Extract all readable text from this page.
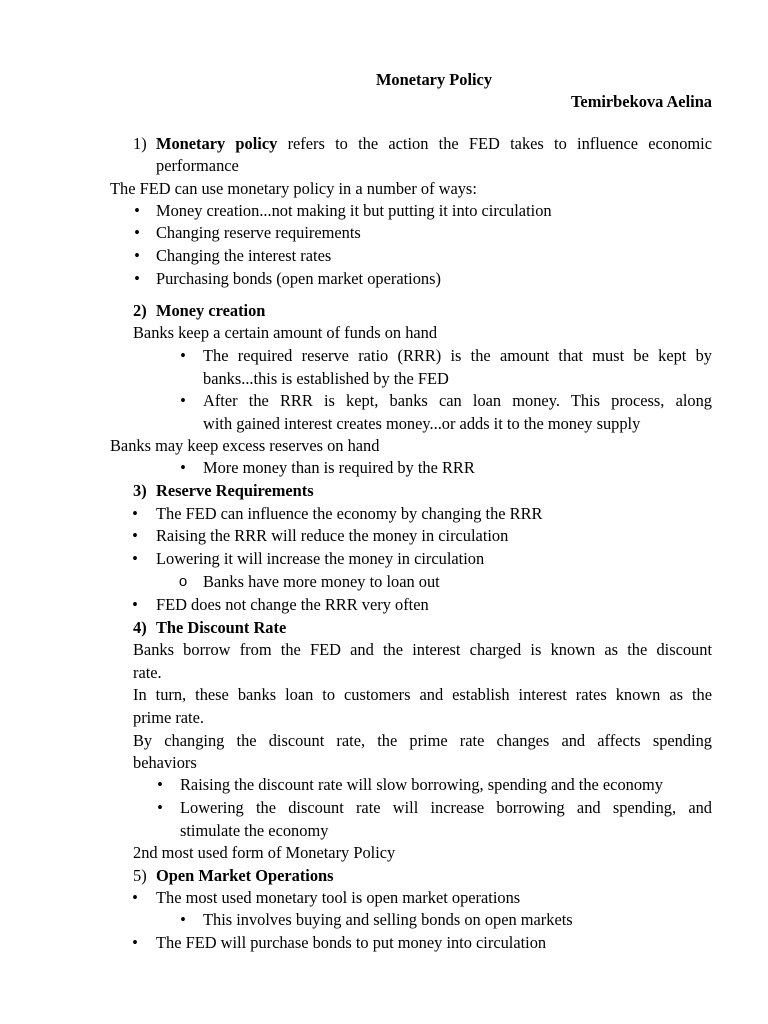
Monetary Policy
Temirbekova Aelina
1) Monetary policy refers to the action the FED takes to influence economic
performance
The FED can use monetary policy in a number of ways:
• Money creation...not making it but putting it into circulation
• Changing reserve requirements
• Changing the interest rates
• Purchasing bonds (open market operations)
2) Money creation
Banks keep a certain amount of funds on hand
• The required reserve ratio (RRR) is the amount that must be kept by
banks...this is established by the FED
• After the RRR is kept, banks can loan money. This process, along
with gained interest creates money...or adds it to the money supply
Banks may keep excess reserves on hand
• More money than is required by the RRR
3) Reserve Requirements
• The FED can influence the economy by changing the RRR
• Raising the RRR will reduce the money in circulation
• Lowering it will increase the money in circulation
o Banks have more money to loan out
• FED does not change the RRR very often
4) The Discount Rate
Banks borrow from the FED and the interest charged is known as the discount
rate.
In turn, these banks loan to customers and establish interest rates known as the
prime rate.
By changing the discount rate, the prime rate changes and affects spending
behaviors
• Raising the discount rate will slow borrowing, spending and the economy
• Lowering the discount rate will increase borrowing and spending, and
stimulate the economy
2nd most used form of Monetary Policy
5) Open Market Operations
• The most used monetary tool is open market operations
• This involves buying and selling bonds on open markets
• The FED will purchase bonds to put money into circulation
